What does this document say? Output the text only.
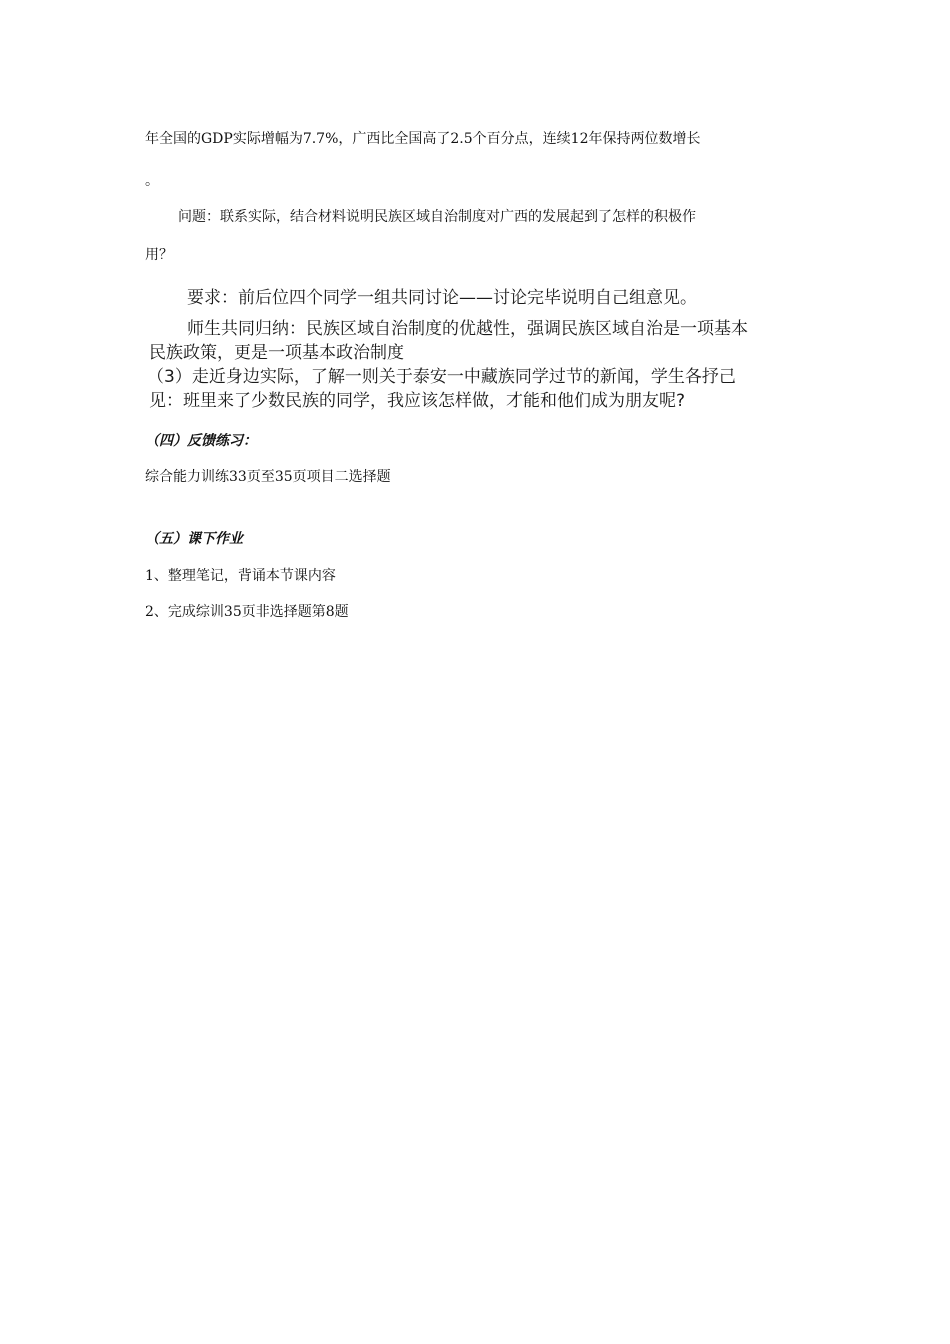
年全国的GDP实际增幅为7.7%，广西比全国高了2.5个百分点，连续12年保持两位数增长
。
问题：联系实际，结合材料说明民族区域自治制度对广西的发展起到了怎样的积极作
用？
要求：前后位四个同学一组共同讨论——讨论完毕说明自己组意见。
师生共同归纳：民族区域自治制度的优越性，强调民族区域自治是一项基本
民族政策，更是一项基本政治制度
（3）走近身边实际，了解一则关于泰安一中藏族同学过节的新闻，学生各抒己
见：班里来了少数民族的同学，我应该怎样做，才能和他们成为朋友呢?
（四）反馈练习：
综合能力训练33页至35页项目二选择题
（五）课下作业
1、整理笔记，背诵本节课内容
2、完成综训35页非选择题第8题
